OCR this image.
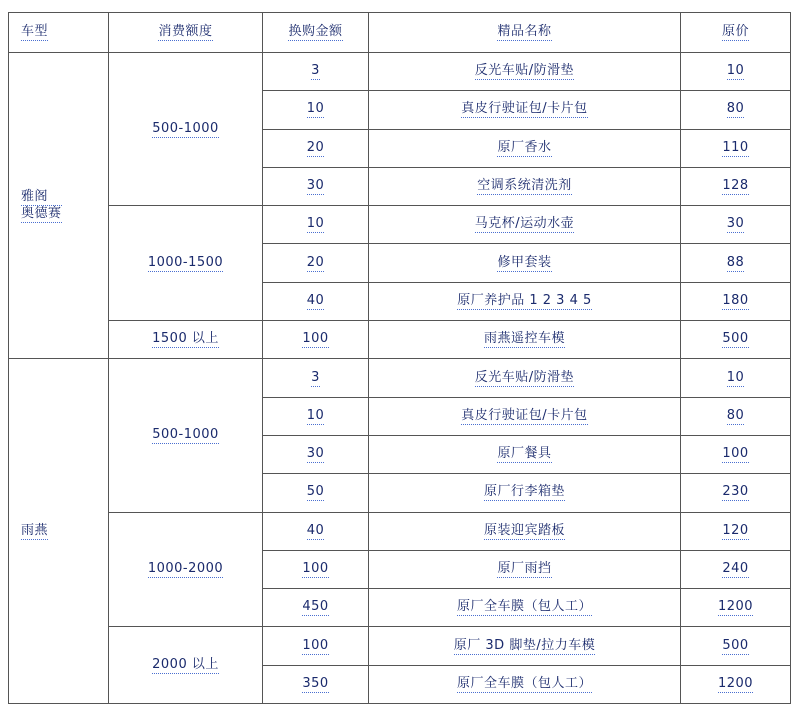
车型	消费额度	换购金额	精品名称	原价

雅阁
奥德赛	500-1000	3	反光车贴/防滑垫	10
		10	真皮行驶证包/卡片包	80
		20	原厂香水	110
		30	空调系统清洗剂	128
	1000-1500	10	马克杯/运动水壶	30
		20	修甲套装	88
		40	原厂养护品 1 2 3 4 5	180
	1500 以上	100	雨燕遥控车模	500
雨燕	500-1000	3	反光车贴/防滑垫	10
		10	真皮行驶证包/卡片包	80
		30	原厂餐具	100
		50	原厂行李箱垫	230
	1000-2000	40	原装迎宾踏板	120
		100	原厂雨挡	240
		450	原厂全车膜（包人工）	1200
	2000 以上	100	原厂 3D 脚垫/拉力车模	500
		350	原厂全车膜（包人工）	1200
